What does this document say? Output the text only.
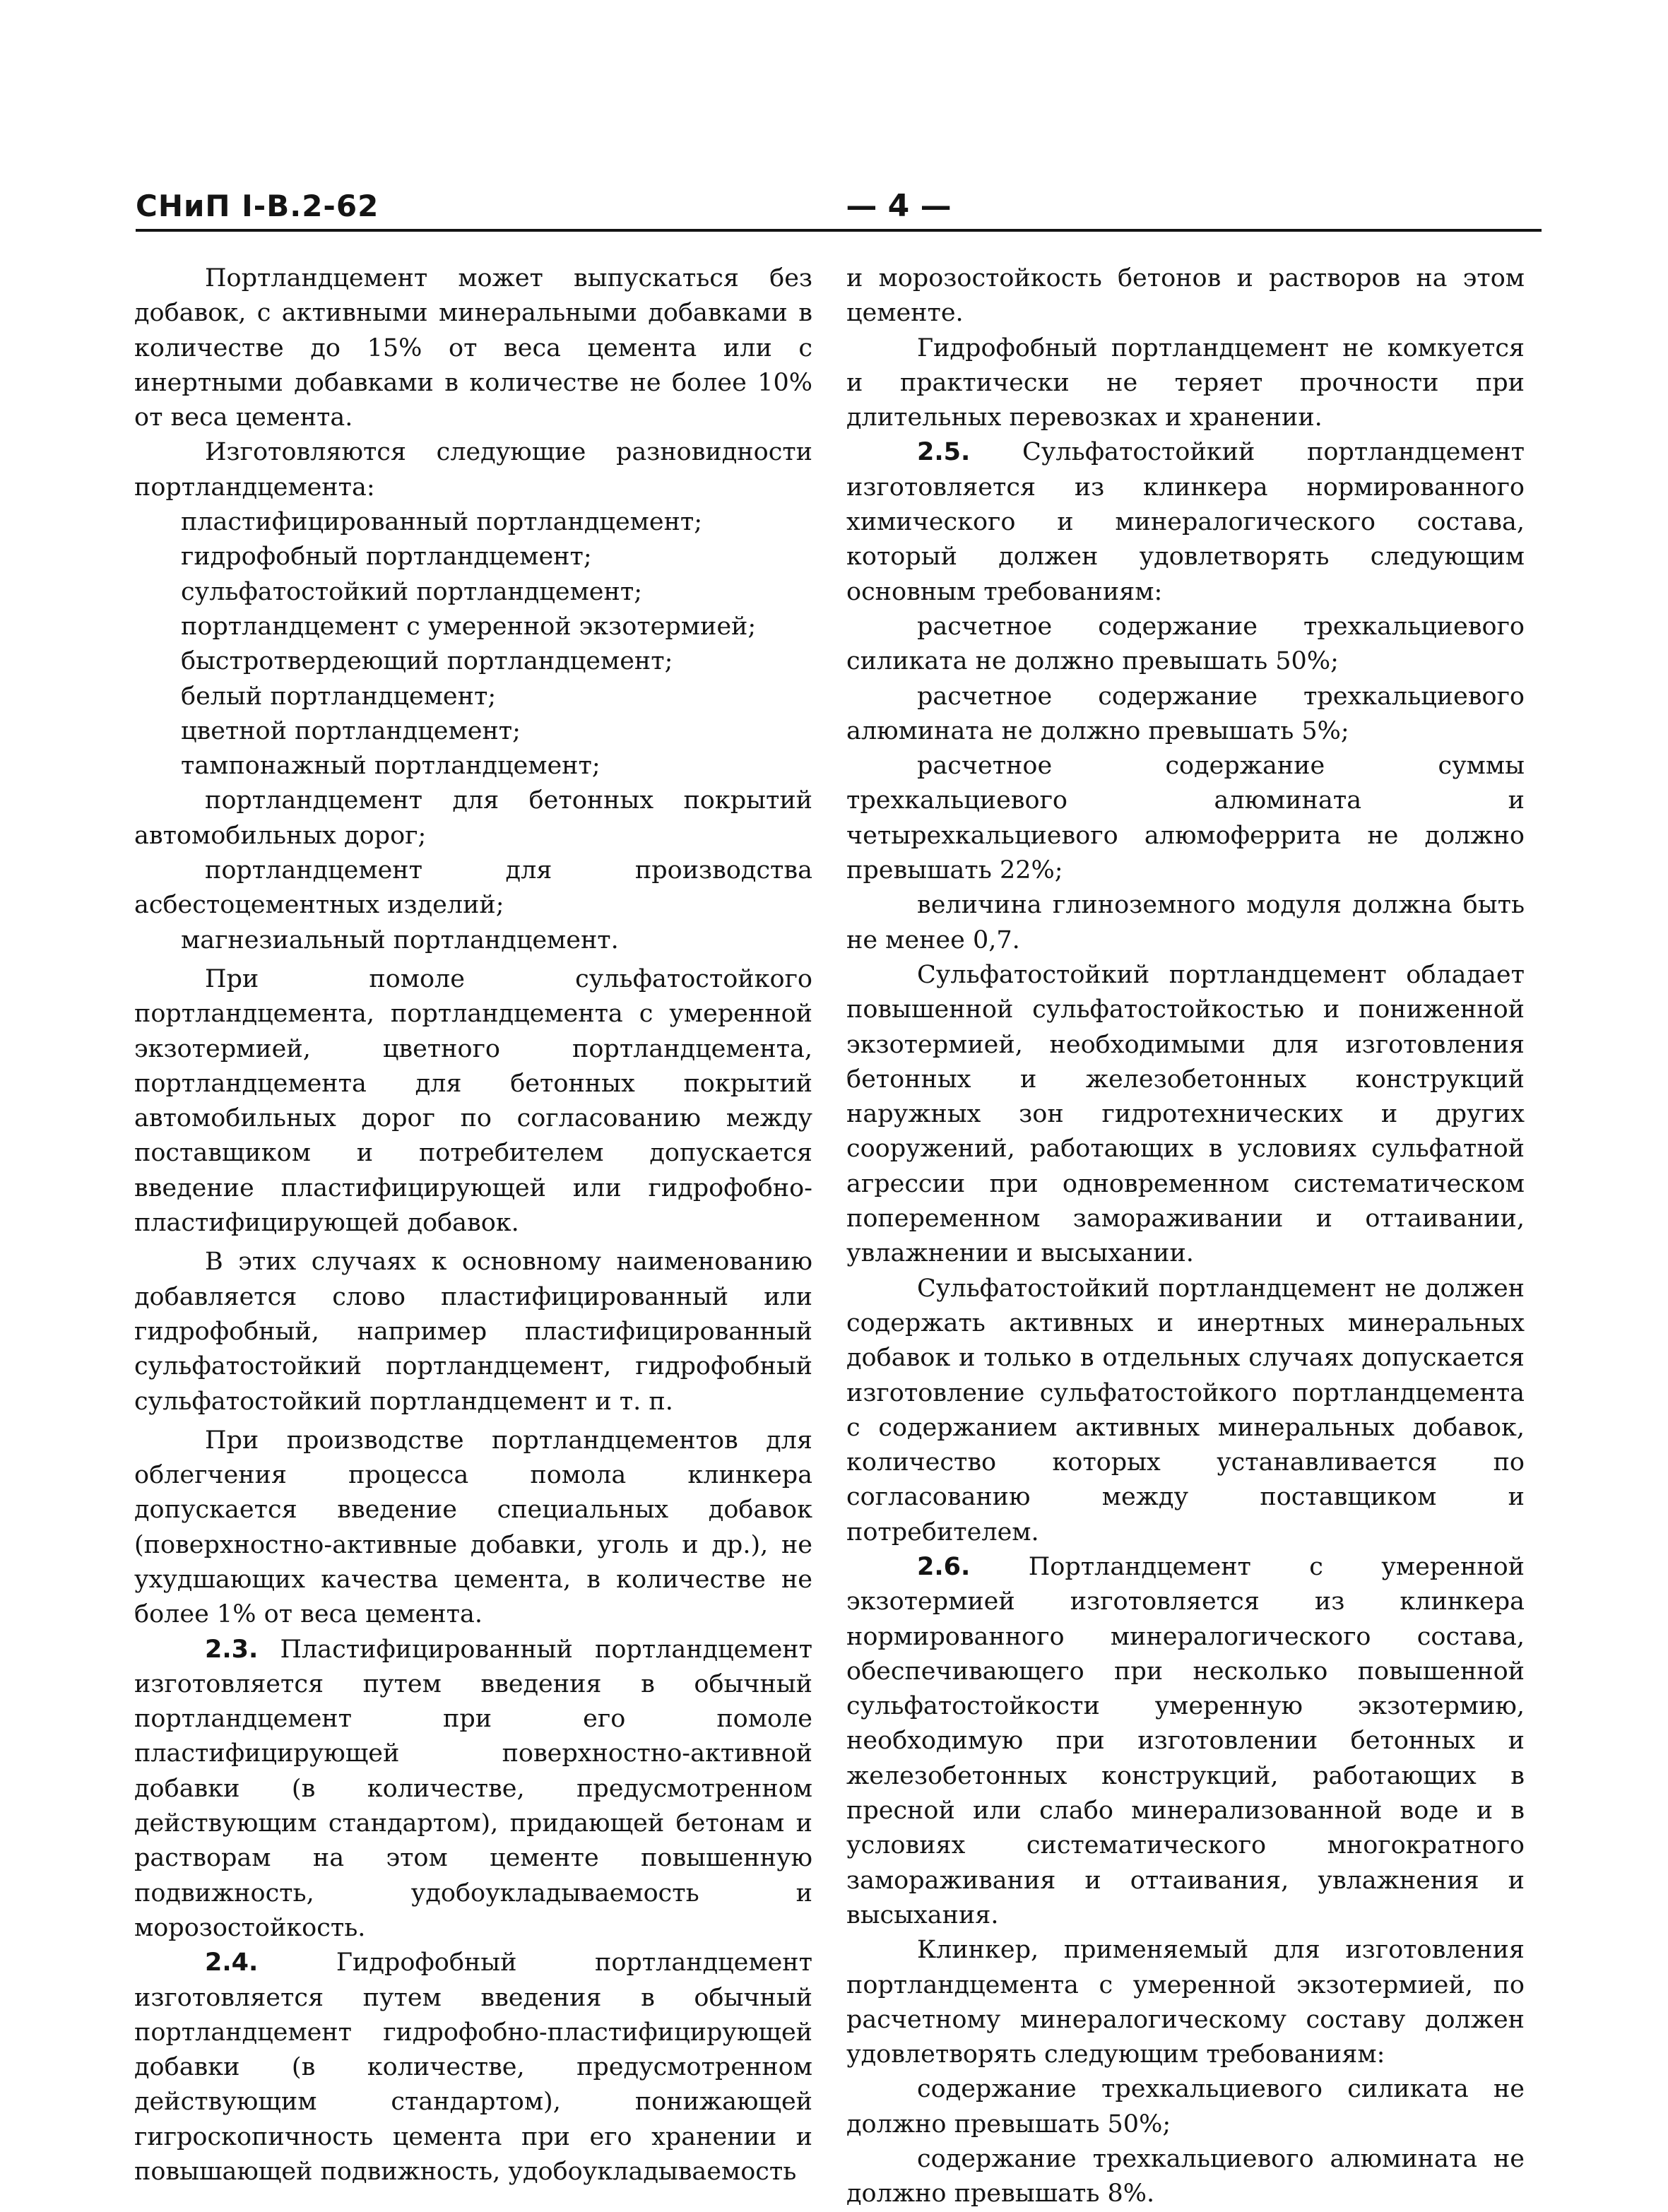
СНиП I-В.2-62	— 4 —

Портландцемент может выпускаться без добавок, с активными минеральными добавками в количестве до 15% от веса цемента или с инертными добавками в количестве не более 10% от веса цемента.

Изготовляются следующие разновидности портландцемента:

пластифицированный портландцемент;

гидрофобный портландцемент;

сульфатостойкий портландцемент;

портландцемент с умеренной экзотермией;

быстротвердеющий портландцемент;

белый портландцемент;

цветной портландцемент;

тампонажный портландцемент;

портландцемент для бетонных покрытий автомобильных дорог;

портландцемент для производства асбестоцементных изделий;

магнезиальный портландцемент.

При помоле сульфатостойкого портландцемента, портландцемента с умеренной экзотермией, цветного портландцемента, портландцемента для бетонных покрытий автомобильных дорог по согласованию между поставщиком и потребителем допускается введение пластифицирующей или гидрофобно-пластифицирующей добавок.

В этих случаях к основному наименованию добавляется слово пластифицированный или гидрофобный, например пластифицированный сульфатостойкий портландцемент, гидрофобный сульфатостойкий портландцемент и т. п.

При производстве портландцементов для облегчения процесса помола клинкера допускается введение специальных добавок (поверхностно-активные добавки, уголь и др.), не ухудшающих качества цемента, в количестве не более 1% от веса цемента.

2.3. Пластифицированный портландцемент изготовляется путем введения в обычный портландцемент при его помоле пластифицирующей поверхностно-активной добавки (в количестве, предусмотренном действующим стандартом), придающей бетонам и растворам на этом цементе повышенную подвижность, удобоукладываемость и морозостойкость.

2.4.	Гидрофобный портландцемент изготовляется путем введения в обычный портландцемент гидрофобно-пластифицирующей добавки (в количестве, предусмотренном действующим стандартом), понижающей гигроскопичность цемента при его хранении и повышающей подвижность, удобоукладываемость

и морозостойкость бетонов и растворов на этом цементе.

Гидрофобный портландцемент не комкуется и практически не теряет прочности при длительных перевозках и хранении.

2.5. Сульфатостойкий портландцемент изготовляется из клинкера нормированного химического и минералогического состава, который должен удовлетворять следующим основным требованиям:

расчетное содержание трехкальциевого силиката не должно превышать 50%;

расчетное содержание трехкальциевого алюмината не должно превышать 5%;

расчетное содержание суммы трехкальциевого алюмината и четырехкальциевого алюмоферрита не должно превышать 22%;

величина глиноземного модуля должна быть не менее 0,7.

Сульфатостойкий портландцемент обладает повышенной сульфатостойкостью и пониженной экзотермией, необходимыми для изготовления бетонных и железобетонных конструкций наружных зон гидротехнических и других сооружений, работающих в условиях сульфатной агрессии при одновременном систематическом попеременном замораживании и оттаивании, увлажнении и высыхании.

Сульфатостойкий портландцемент не должен содержать активных и инертных минеральных добавок и только в отдельных случаях допускается изготовление сульфатостойкого портландцемента с содержанием активных минеральных добавок, количество которых устанавливается по согласованию между поставщиком и потребителем.

2.6. Портландцемент с умеренной экзотермией изготовляется из клинкера нормированного минералогического состава, обеспечивающего при несколько повышенной сульфатостойкости умеренную экзотермию, необходимую при изготовлении бетонных и железобетонных конструкций, работающих в пресной или слабо минерализованной воде и в условиях систематического многократного замораживания и оттаивания, увлажнения и высыхания.

Клинкер, применяемый для изготовления портландцемента с умеренной экзотермией, по расчетному минералогическому составу должен удовлетворять следующим требованиям:

содержание трехкальциевого силиката не должно превышать 50%;

содержание трехкальциевого алюмината не должно превышать 8%.
